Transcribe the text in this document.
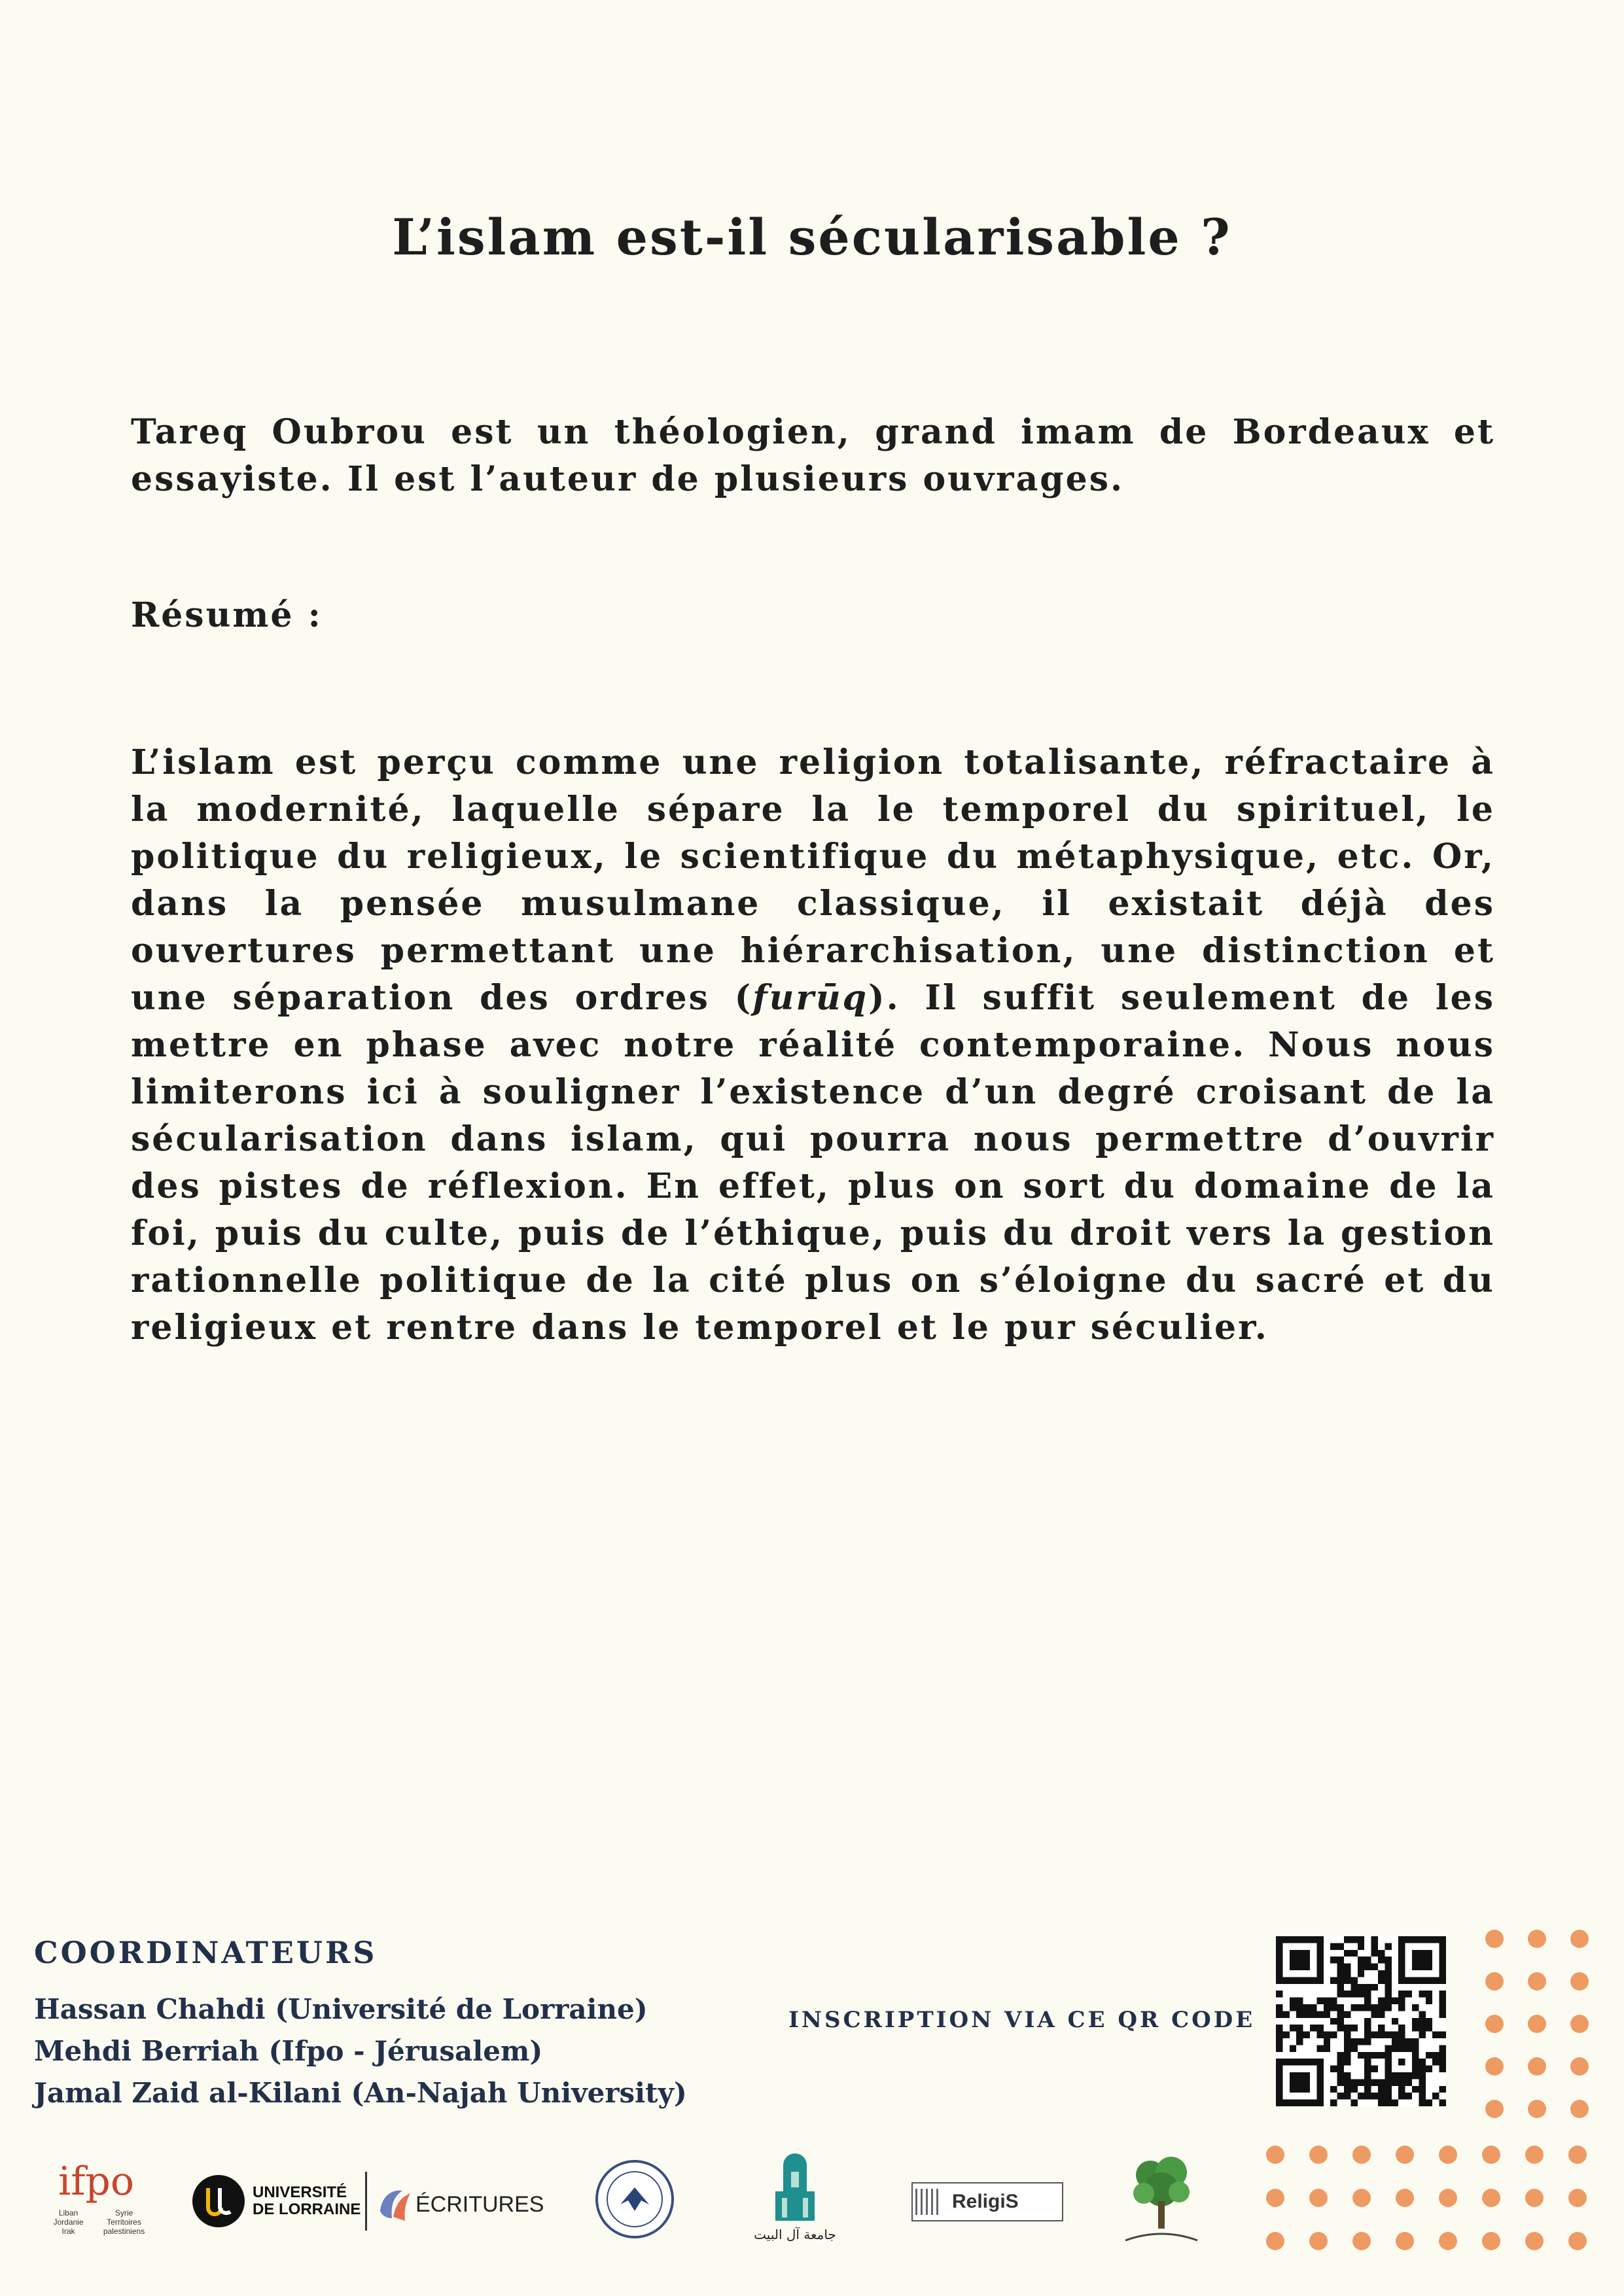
L’islam est-il sécularisable ?

Tareq Oubrou est un théologien, grand imam de Bordeaux et essayiste. Il est l’auteur de plusieurs ouvrages.

Résumé :

L’islam est perçu comme une religion totalisante, réfractaire à la modernité, laquelle sépare la le temporel du spirituel, le politique du religieux, le scientifique du métaphysique, etc. Or, dans la pensée musulmane classique, il existait déjà des ouvertures permettant une hiérarchisation, une distinction et une séparation des ordres (furūq). Il suffit seulement de les mettre en phase avec notre réalité contemporaine. Nous nous limiterons ici à souligner l’existence d’un degré croisant de la sécularisation dans islam, qui pourra nous permettre d’ouvrir des pistes de réflexion. En effet, plus on sort du domaine de la foi, puis du culte, puis de l’éthique, puis du droit vers la gestion rationnelle politique de la cité plus on s’éloigne du sacré et du religieux et rentre dans le temporel et le pur séculier.

COORDINATEURS
Hassan Chahdi (Université de Lorraine)
Mehdi Berriah (Ifpo - Jérusalem)
Jamal Zaid al-Kilani (An-Najah University)
INSCRIPTION VIA CE QR CODE
ifpo
Liban	Syrie
Jordanie	Territoires
Irak	palestiniens
UNIVERSITÉ
DE LORRAINE ÉCRITURES
جامعة آل البيت
ReligiS
